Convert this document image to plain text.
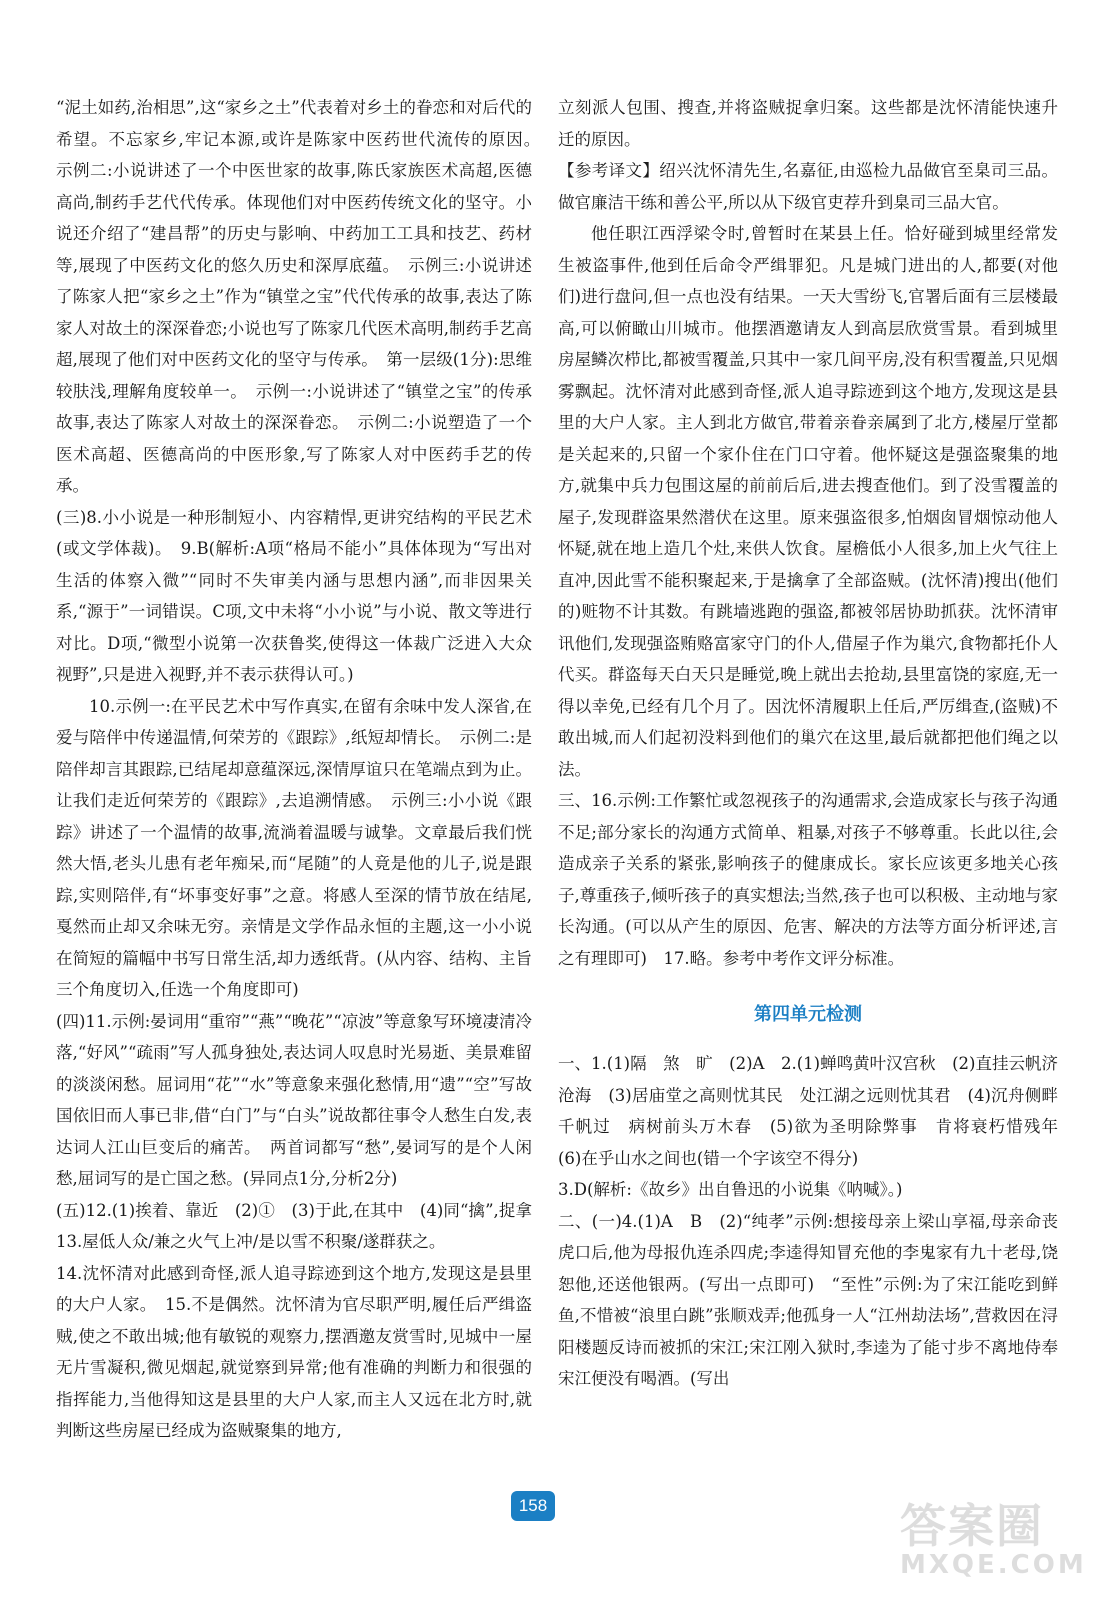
“泥土如药,治相思”,这“家乡之土”代表着对乡土的眷恋和对后代的希望。不忘家乡,牢记本源,或许是陈家中医药世代流传的原因。　示例二:小说讲述了一个中医世家的故事,陈氏家族医术高超,医德高尚,制药手艺代代传承。体现他们对中医药传统文化的坚守。小说还介绍了“建昌帮”的历史与影响、中药加工工具和技艺、药材等,展现了中医药文化的悠久历史和深厚底蕴。　示例三:小说讲述了陈家人把“家乡之土”作为“镇堂之宝”代代传承的故事,表达了陈家人对故土的深深眷恋;小说也写了陈家几代医术高明,制药手艺高超,展现了他们对中医药文化的坚守与传承。　第一层级(1分):思维较肤浅,理解角度较单一。　示例一:小说讲述了“镇堂之宝”的传承故事,表达了陈家人对故土的深深眷恋。　示例二:小说塑造了一个医术高超、医德高尚的中医形象,写了陈家人对中医药手艺的传承。

(三)8.小小说是一种形制短小、内容精悍,更讲究结构的平民艺术(或文学体裁)。　9.B(解析:A项“格局不能小”具体体现为“写出对生活的体察入微”“同时不失审美内涵与思想内涵”,而非因果关系,“源于”一词错误。C项,文中未将“小小说”与小说、散文等进行对比。D项,“微型小说第一次获鲁奖,使得这一体裁广泛进入大众视野”,只是进入视野,并不表示获得认可。)

10.示例一:在平民艺术中写作真实,在留有余味中发人深省,在爱与陪伴中传递温情,何荣芳的《跟踪》,纸短却情长。　示例二:是陪伴却言其跟踪,已结尾却意蕴深远,深情厚谊只在笔端点到为止。让我们走近何荣芳的《跟踪》,去追溯情感。　示例三:小小说《跟踪》讲述了一个温情的故事,流淌着温暖与诚挚。文章最后我们恍然大悟,老头儿患有老年痴呆,而“尾随”的人竟是他的儿子,说是跟踪,实则陪伴,有“坏事变好事”之意。将感人至深的情节放在结尾,戛然而止却又余味无穷。亲情是文学作品永恒的主题,这一小小说在简短的篇幅中书写日常生活,却力透纸背。(从内容、结构、主旨三个角度切入,任选一个角度即可)

(四)11.示例:晏词用“重帘”“燕”“晚花”“凉波”等意象写环境凄清冷落,“好风”“疏雨”写人孤身独处,表达词人叹息时光易逝、美景难留的淡淡闲愁。屈词用“花”“水”等意象来强化愁情,用“遗”“空”写故国依旧而人事已非,借“白门”与“白头”说故都往事令人愁生白发,表达词人江山巨变后的痛苦。　两首词都写“愁”,晏词写的是个人闲愁,屈词写的是亡国之愁。(异同点1分,分析2分)

(五)12.(1)挨着、靠近　(2)①　(3)于此,在其中　(4)同“擒”,捉拿　13.屋低人众/兼之火气上冲/是以雪不积聚/遂群获之。

14.沈怀清对此感到奇怪,派人追寻踪迹到这个地方,发现这是县里的大户人家。　15.不是偶然。沈怀清为官尽职严明,履任后严缉盗贼,使之不敢出城;他有敏锐的观察力,摆酒邀友赏雪时,见城中一屋无片雪凝积,微见烟起,就觉察到异常;他有准确的判断力和很强的指挥能力,当他得知这是县里的大户人家,而主人又远在北方时,就判断这些房屋已经成为盗贼聚集的地方,

立刻派人包围、搜查,并将盗贼捉拿归案。这些都是沈怀清能快速升迁的原因。

【参考译文】绍兴沈怀清先生,名嘉征,由巡检九品做官至臬司三品。做官廉洁干练和善公平,所以从下级官吏荐升到臬司三品大官。

他任职江西浮梁令时,曾暂时在某县上任。恰好碰到城里经常发生被盗事件,他到任后命令严缉罪犯。凡是城门进出的人,都要(对他们)进行盘问,但一点也没有结果。一天大雪纷飞,官署后面有三层楼最高,可以俯瞰山川城市。他摆酒邀请友人到高层欣赏雪景。看到城里房屋鳞次栉比,都被雪覆盖,只其中一家几间平房,没有积雪覆盖,只见烟雾飘起。沈怀清对此感到奇怪,派人追寻踪迹到这个地方,发现这是县里的大户人家。主人到北方做官,带着亲眷亲属到了北方,楼屋厅堂都是关起来的,只留一个家仆住在门口守着。他怀疑这是强盗聚集的地方,就集中兵力包围这屋的前前后后,进去搜查他们。到了没雪覆盖的屋子,发现群盗果然潜伏在这里。原来强盗很多,怕烟囱冒烟惊动他人怀疑,就在地上造几个灶,来供人饮食。屋檐低小人很多,加上火气往上直冲,因此雪不能积聚起来,于是擒拿了全部盗贼。(沈怀清)搜出(他们的)赃物不计其数。有跳墙逃跑的强盗,都被邻居协助抓获。沈怀清审讯他们,发现强盗贿赂富家守门的仆人,借屋子作为巢穴,食物都托仆人代买。群盗每天白天只是睡觉,晚上就出去抢劫,县里富饶的家庭,无一得以幸免,已经有几个月了。因沈怀清履职上任后,严厉缉查,(盗贼)不敢出城,而人们起初没料到他们的巢穴在这里,最后就都把他们绳之以法。

三、16.示例:工作繁忙或忽视孩子的沟通需求,会造成家长与孩子沟通不足;部分家长的沟通方式简单、粗暴,对孩子不够尊重。长此以往,会造成亲子关系的紧张,影响孩子的健康成长。家长应该更多地关心孩子,尊重孩子,倾听孩子的真实想法;当然,孩子也可以积极、主动地与家长沟通。(可以从产生的原因、危害、解决的方法等方面分析评述,言之有理即可)　17.略。参考中考作文评分标准。

第四单元检测

一、1.(1)隔　煞　旷　(2)A　2.(1)蝉鸣黄叶汉宫秋　(2)直挂云帆济沧海　(3)居庙堂之高则忧其民　处江湖之远则忧其君　(4)沉舟侧畔千帆过　病树前头万木春　(5)欲为圣明除弊事　肯将衰朽惜残年　(6)在乎山水之间也(错一个字该空不得分)

3.D(解析:《故乡》出自鲁迅的小说集《呐喊》。)

二、(一)4.(1)A　B　(2)“纯孝”示例:想接母亲上梁山享福,母亲命丧虎口后,他为母报仇连杀四虎;李逵得知冒充他的李鬼家有九十老母,饶恕他,还送他银两。(写出一点即可)　“至性”示例:为了宋江能吃到鲜鱼,不惜被“浪里白跳”张顺戏弄;他孤身一人“江州劫法场”,营救因在浔阳楼题反诗而被抓的宋江;宋江刚入狱时,李逵为了能寸步不离地侍奉宋江便没有喝酒。(写出

158	答案圈
MXQE.COM
